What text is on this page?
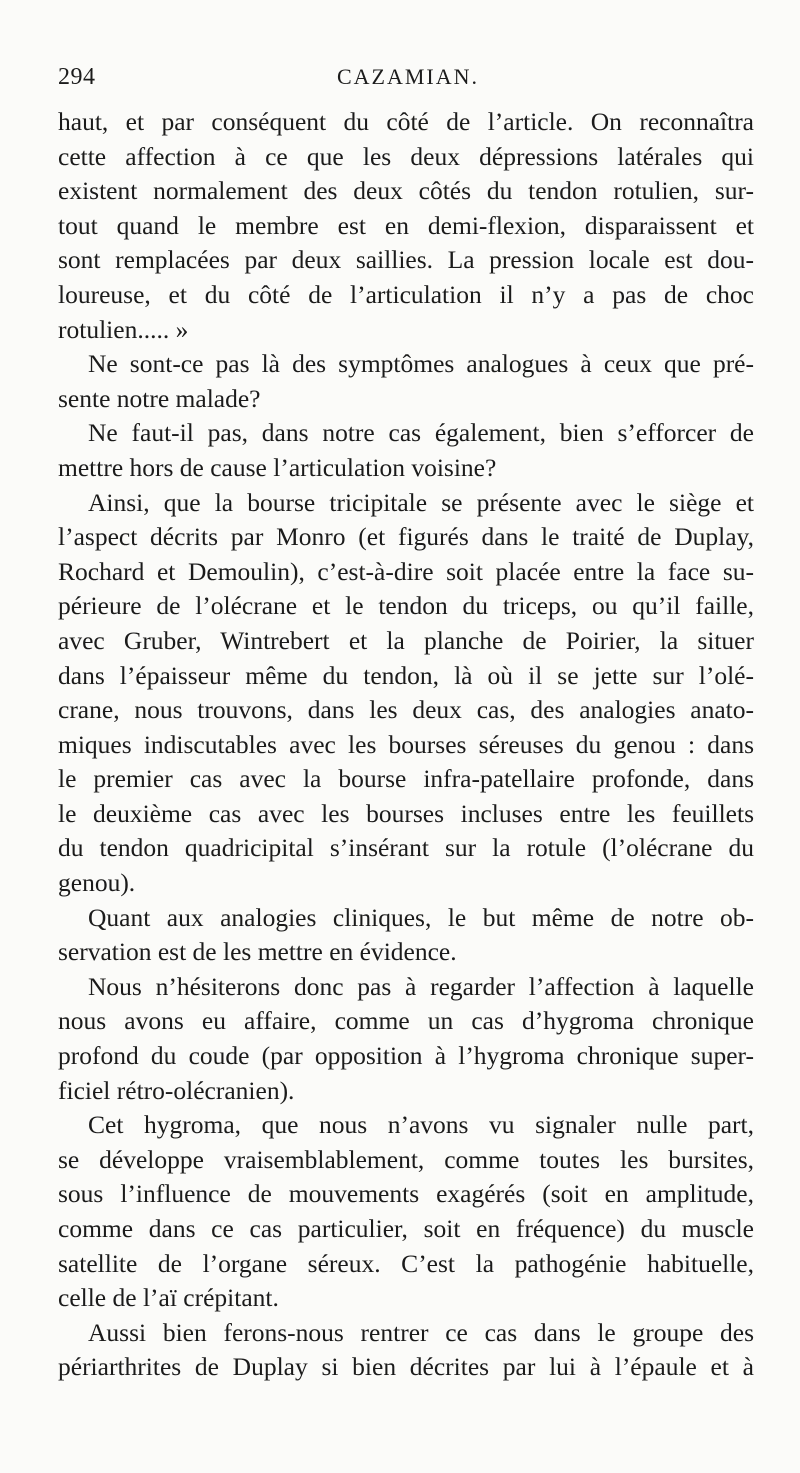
294	CAZAMIAN.
haut, et par conséquent du côté de l’article. On reconnaîtra
cette affection à ce que les deux dépressions latérales qui
existent normalement des deux côtés du tendon rotulien, sur-
tout quand le membre est en demi-flexion, disparaissent et
sont remplacées par deux saillies. La pression locale est dou-
loureuse, et du côté de l’articulation il n’y a pas de choc
rotulien..... »
Ne sont-ce pas là des symptômes analogues à ceux que pré-
sente notre malade?
Ne faut-il pas, dans notre cas également, bien s’efforcer de
mettre hors de cause l’articulation voisine?
Ainsi, que la bourse tricipitale se présente avec le siège et
l’aspect décrits par Monro (et figurés dans le traité de Duplay,
Rochard et Demoulin), c’est-à-dire soit placée entre la face su-
périeure de l’olécrane et le tendon du triceps, ou qu’il faille,
avec Gruber, Wintrebert et la planche de Poirier, la situer
dans l’épaisseur même du tendon, là où il se jette sur l’olé-
crane, nous trouvons, dans les deux cas, des analogies anato-
miques indiscutables avec les bourses séreuses du genou : dans
le premier cas avec la bourse infra-patellaire profonde, dans
le deuxième cas avec les bourses incluses entre les feuillets
du tendon quadricipital s’insérant sur la rotule (l’olécrane du
genou).
Quant aux analogies cliniques, le but même de notre ob-
servation est de les mettre en évidence.
Nous n’hésiterons donc pas à regarder l’affection à laquelle
nous avons eu affaire, comme un cas d’hygroma chronique
profond du coude (par opposition à l’hygroma chronique super-
ficiel rétro-olécranien).
Cet hygroma, que nous n’avons vu signaler nulle part,
se développe vraisemblablement, comme toutes les bursites,
sous l’influence de mouvements exagérés (soit en amplitude,
comme dans ce cas particulier, soit en fréquence) du muscle
satellite de l’organe séreux. C’est la pathogénie habituelle,
celle de l’aï crépitant.
Aussi bien ferons-nous rentrer ce cas dans le groupe des
périarthrites de Duplay si bien décrites par lui à l’épaule et à
